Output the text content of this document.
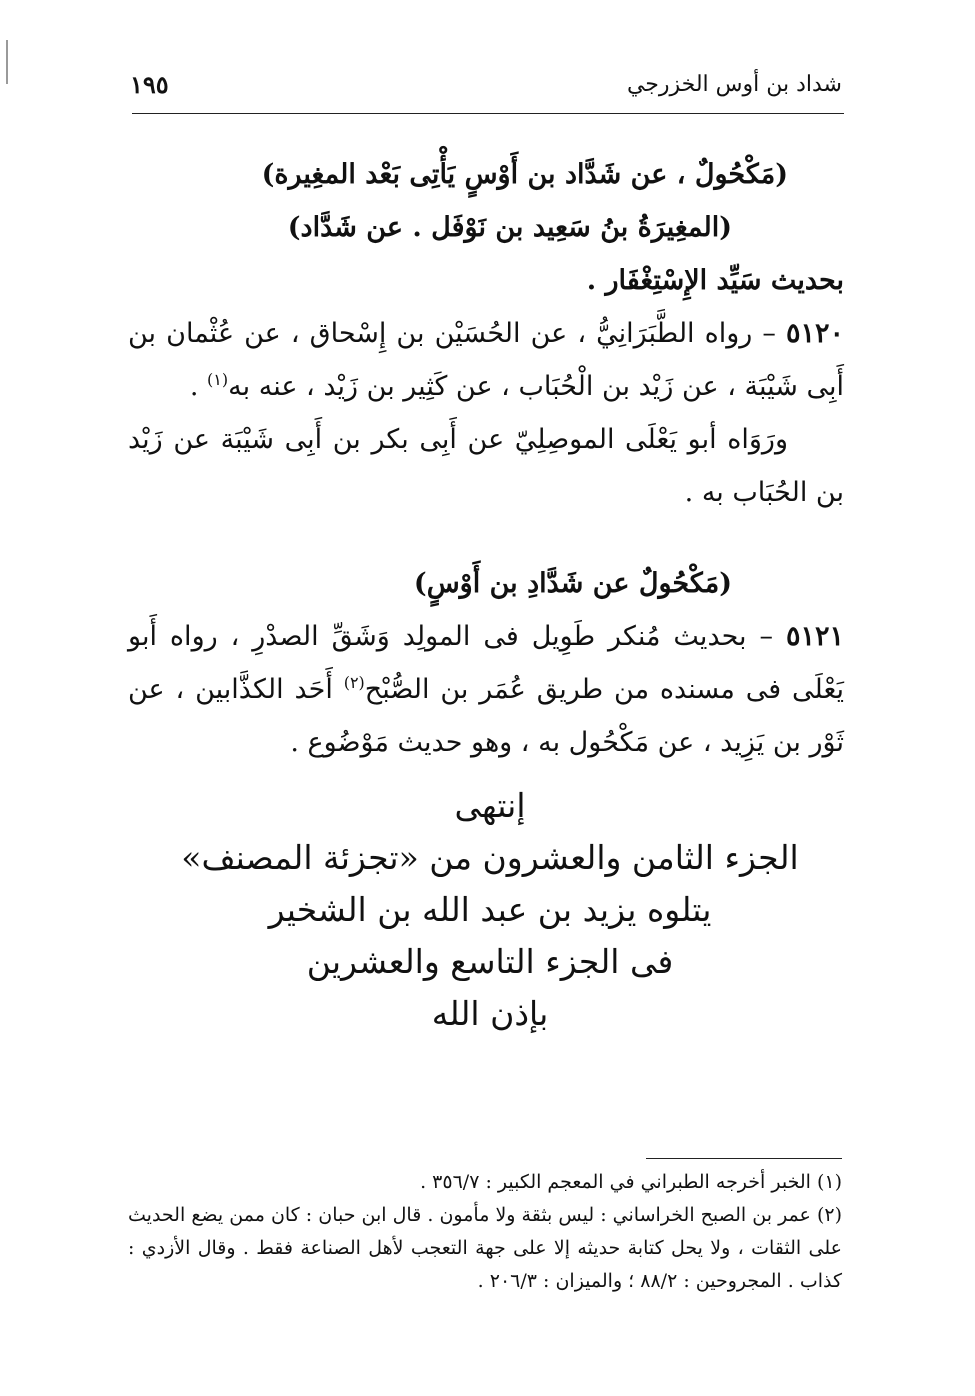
شداد بن أوس الخزرجي
١٩٥

(مَكْحُولٌ ، عن شَدَّاد بن أَوْسٍ يَأْتِى بَعْد المغِيرة)

(المغِيرَةُ بنُ سَعِيد بن نَوْفَل . عن شَدَّاد)

بحديث سَيِّد الإِسْتِغْفَار .

٥١٢٠ – رواه الطَّبَرَانِيُّ ، عن الحُسَيْن بن إِسْحاق ، عن عُثْمان بن أَبِى شَيْبَة ، عن زَيْد بن الْحُبَاب ، عن كَثِير بن زَيْد ، عنه به$^{(١)}$ .

ورَوَاه أبو يَعْلَى الموصِلِيّ عن أَبِى بكر بن أَبِى شَيْبَة عن زَيْد بن الحُبَاب به .

(مَكْحُولٌ عن شَدَّادِ بن أَوْسٍ)

٥١٢١ – بحديث مُنكر طَوِيل فى المولِد وَشَقِّ الصدْرِ ، رواه أَبو يَعْلَى فى مسنده من طريق عُمَر بن الصُّبْح$^{(٢)}$ أَحَد الكذَّابين ، عن ثَوْر بن يَزِيد ، عن مَكْحُول به ، وهو حديث مَوْضُوع .

إنتهى
الجزء الثامن والعشرون من «تجزئة المصنف»
يتلوه يزيد بن عبد الله بن الشخير
فى الجزء التاسع والعشرين
بإذن الله

(١) الخبر أخرجه الطبراني في المعجم الكبير : ٣٥٦/٧ .

(٢) عمر بن الصبح الخراساني : ليس بثقة ولا مأمون . قال ابن حبان : كان ممن يضع الحديث على الثقات ، ولا يحل كتابة حديثه إلا على جهة التعجب لأهل الصناعة فقط . وقال الأزدي : كذاب . المجروحين : ٨٨/٢ ؛ والميزان : ٢٠٦/٣ .
